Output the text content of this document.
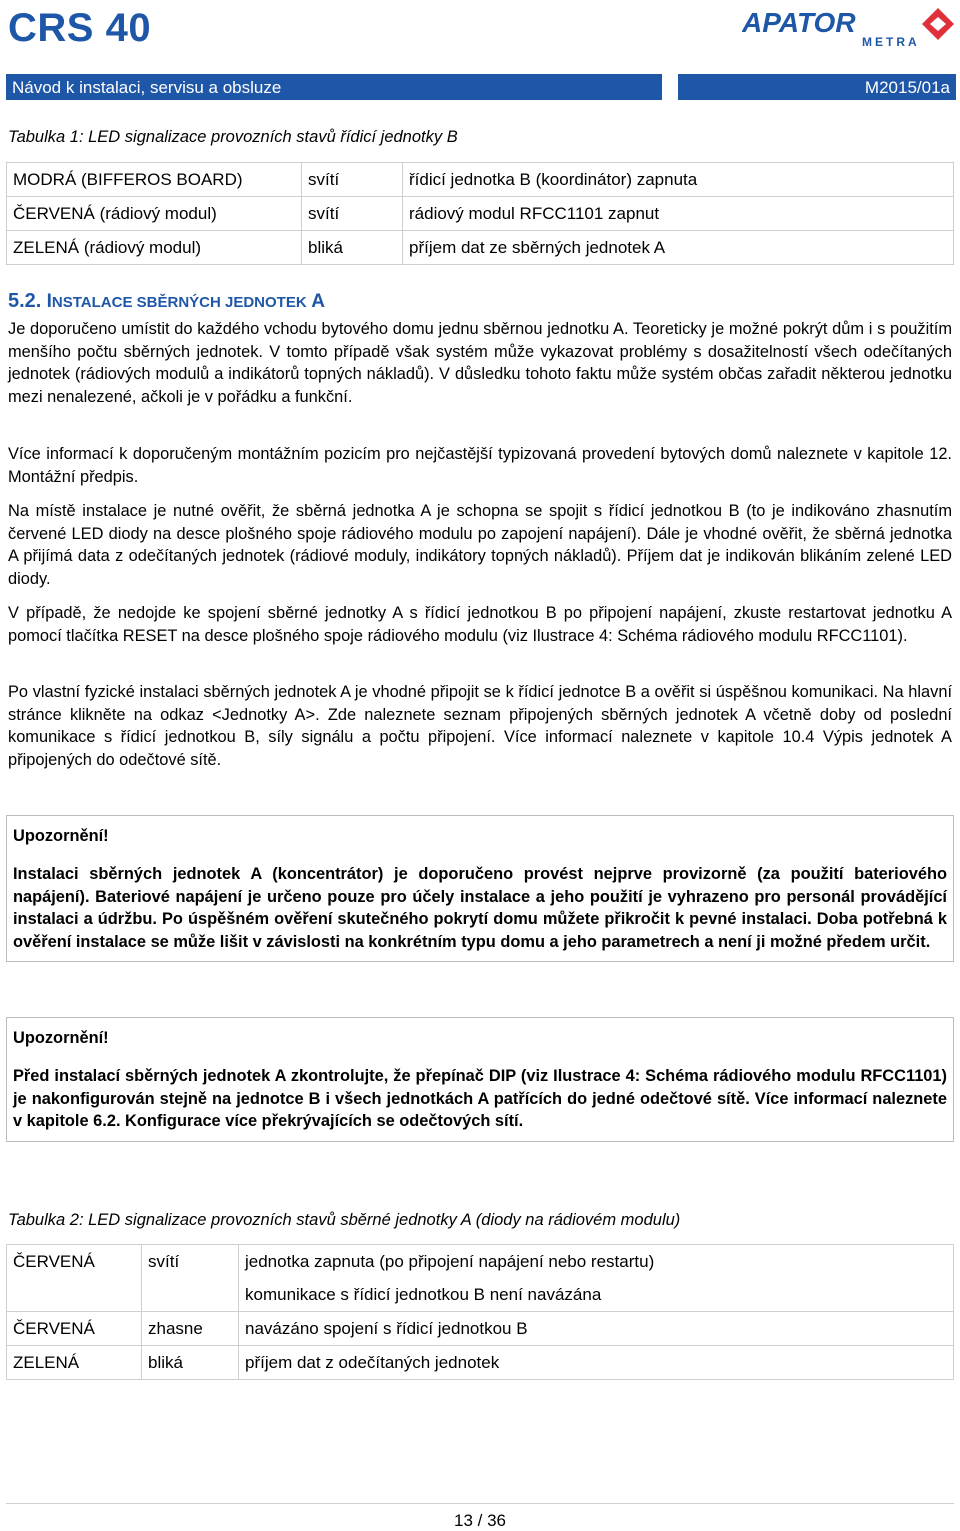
CRS 40	APATOR
METRA
Návod k instalaci, servisu a obsluze	M2015/01a

Tabulka 1: LED signalizace provozních stavů řídicí jednotky B

MODRÁ (BIFFEROS BOARD)	svítí	řídicí jednotka B (koordinátor) zapnuta
ČERVENÁ (rádiový modul)	svítí	rádiový modul RFCC1101 zapnut
ZELENÁ (rádiový modul)	bliká	příjem dat ze sběrných jednotek A
5.2. INSTALACE SBĚRNÝCH JEDNOTEK A

Je doporučeno umístit do každého vchodu bytového domu jednu sběrnou jednotku A. Teoreticky je možné pokrýt dům i s použitím menšího počtu sběrných jednotek. V tomto případě však systém může vykazovat problémy s dosažitelností všech odečítaných jednotek (rádiových modulů a indikátorů topných nákladů). V důsledku tohoto faktu může systém občas zařadit některou jednotku mezi nenalezené, ačkoli je v pořádku a funkční.

Více informací k doporučeným montážním pozicím pro nejčastější typizovaná provedení bytových domů naleznete v kapitole 12. Montážní předpis.

Na místě instalace je nutné ověřit, že sběrná jednotka A je schopna se spojit s řídicí jednotkou B (to je indikováno zhasnutím červené LED diody na desce plošného spoje rádiového modulu po zapojení napájení). Dále je vhodné ověřit, že sběrná jednotka A přijímá data z odečítaných jednotek (rádiové moduly, indikátory topných nákladů). Příjem dat je indikován blikáním zelené LED diody.

V případě, že nedojde ke spojení sběrné jednotky A s řídicí jednotkou B po připojení napájení, zkuste restartovat jednotku A pomocí tlačítka RESET na desce plošného spoje rádiového modulu (viz Ilustrace 4: Schéma rádiového modulu RFCC1101).

Po vlastní fyzické instalaci sběrných jednotek A je vhodné připojit se k řídicí jednotce B a ověřit si úspěšnou komunikaci. Na hlavní stránce klikněte na odkaz <Jednotky A>. Zde naleznete seznam připojených sběrných jednotek A včetně doby od poslední komunikace s řídicí jednotkou B, síly signálu a počtu připojení. Více informací naleznete v kapitole 10.4 Výpis jednotek A připojených do odečtové sítě.

Upozornění!

Instalaci sběrných jednotek A (koncentrátor) je doporučeno provést nejprve provizorně (za použití bateriového napájení). Bateriové napájení je určeno pouze pro účely instalace a jeho použití je vyhrazeno pro personál provádějící instalaci a údržbu. Po úspěšném ověření skutečného pokrytí domu můžete přikročit k pevné instalaci. Doba potřebná k ověření instalace se může lišit v závislosti na konkrétním typu domu a jeho parametrech a není ji možné předem určit.

Upozornění!

Před instalací sběrných jednotek A zkontrolujte, že přepínač DIP (viz Ilustrace 4: Schéma rádiového modulu RFCC1101) je nakonfigurován stejně na jednotce B i všech jednotkách A patřících do jedné odečtové sítě. Více informací naleznete v kapitole 6.2. Konfigurace více překrývajících se odečtových sítí.

Tabulka 2: LED signalizace provozních stavů sběrné jednotky A (diody na rádiovém modulu)

ČERVENÁ	svítí	jednotka zapnuta (po připojení napájení nebo restartu)
		komunikace s řídicí jednotkou B není navázána
ČERVENÁ	zhasne	navázáno spojení s řídicí jednotkou B
ZELENÁ	bliká	příjem dat z odečítaných jednotek
13 / 36
